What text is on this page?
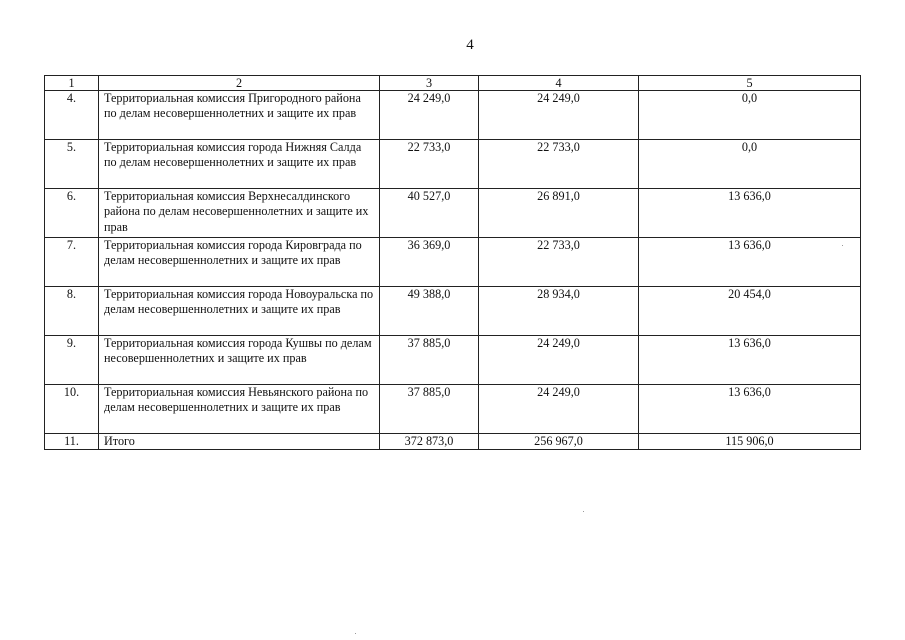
4
1	2	3	4	5
4.	Территориальная комиссия Пригородного района по делам несовершеннолетних и защите их прав	24 249,0	24 249,0	0,0
5.	Территориальная комиссия города Нижняя Салда по делам несовершеннолетних и защите их прав	22 733,0	22 733,0	0,0
6.	Территориальная комиссия Верхнесалдинского района по делам несовершеннолетних и защите их прав	40 527,0	26 891,0	13 636,0
7.	Территориальная комиссия города Кировграда по делам несовершеннолетних и защите их прав	36 369,0	22 733,0	13 636,0
8.	Территориальная комиссия города Новоуральска по делам несовершеннолетних и защите их прав	49 388,0	28 934,0	20 454,0
9.	Территориальная комиссия города Кушвы по делам несовершеннолетних и защите их прав	37 885,0	24 249,0	13 636,0
10.	Территориальная комиссия Невьянского района по делам несовершеннолетних и защите их прав	37 885,0	24 249,0	13 636,0
11.	Итого	372 873,0	256 967,0	115 906,0
